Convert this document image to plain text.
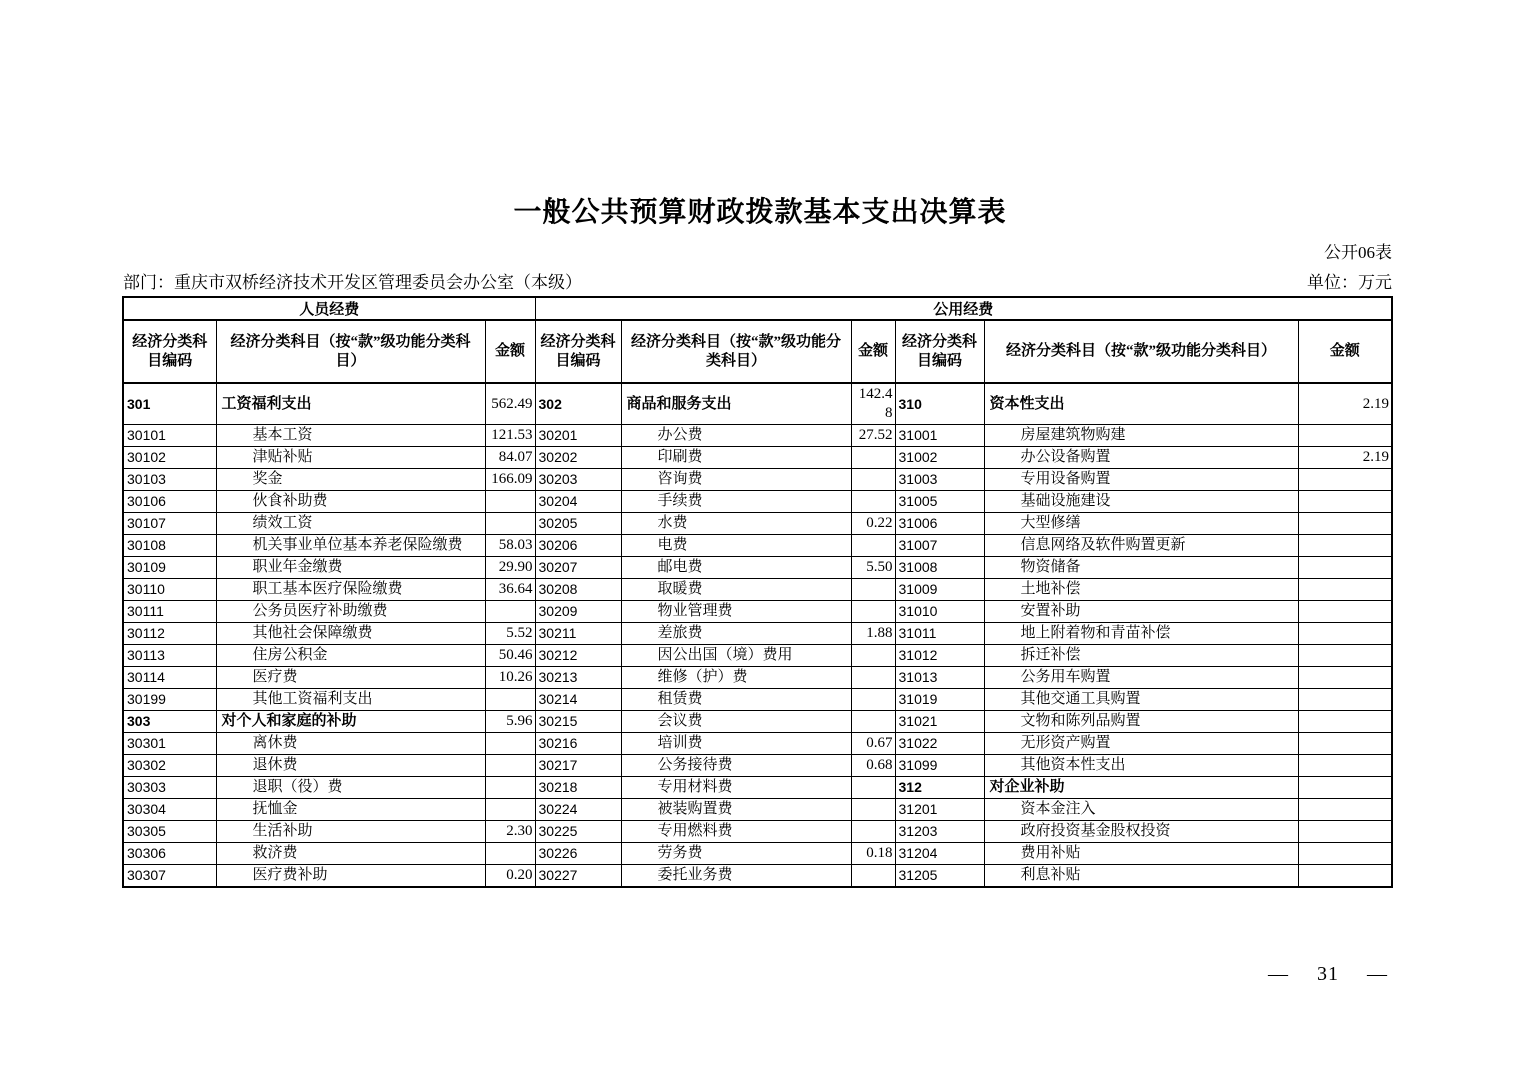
一般公共预算财政拨款基本支出决算表
公开06表
部门：重庆市双桥经济技术开发区管理委员会办公室（本级）	单位：万元
人员经费			公用经费					
经济分类科目编码	经济分类科目（按“款”级功能分类科目）	金额	经济分类科目编码	经济分类科目（按“款”级功能分类科目）	金额	经济分类科目编码	经济分类科目（按“款”级功能分类科目）	金额
301	工资福利支出	562.49	302	商品和服务支出	142.48	310	资本性支出	2.19
30101	基本工资	121.53	30201	办公费	27.52	31001	房屋建筑物购建	
30102	津贴补贴	84.07	30202	印刷费		31002	办公设备购置	2.19
30103	奖金	166.09	30203	咨询费		31003	专用设备购置	
30106	伙食补助费		30204	手续费		31005	基础设施建设	
30107	绩效工资		30205	水费	0.22	31006	大型修缮	
30108	机关事业单位基本养老保险缴费	58.03	30206	电费		31007	信息网络及软件购置更新	
30109	职业年金缴费	29.90	30207	邮电费	5.50	31008	物资储备	
30110	职工基本医疗保险缴费	36.64	30208	取暖费		31009	土地补偿	
30111	公务员医疗补助缴费		30209	物业管理费		31010	安置补助	
30112	其他社会保障缴费	5.52	30211	差旅费	1.88	31011	地上附着物和青苗补偿	
30113	住房公积金	50.46	30212	因公出国（境）费用		31012	拆迁补偿	
30114	医疗费	10.26	30213	维修（护）费		31013	公务用车购置	
30199	其他工资福利支出		30214	租赁费		31019	其他交通工具购置	
303	对个人和家庭的补助	5.96	30215	会议费		31021	文物和陈列品购置	
30301	离休费		30216	培训费	0.67	31022	无形资产购置	
30302	退休费		30217	公务接待费	0.68	31099	其他资本性支出	
30303	退职（役）费		30218	专用材料费		312	对企业补助	
30304	抚恤金		30224	被装购置费		31201	资本金注入	
30305	生活补助	2.30	30225	专用燃料费		31203	政府投资基金股权投资	
30306	救济费		30226	劳务费	0.18	31204	费用补贴	
30307	医疗费补助	0.20	30227	委托业务费		31205	利息补贴	
— 31 —
